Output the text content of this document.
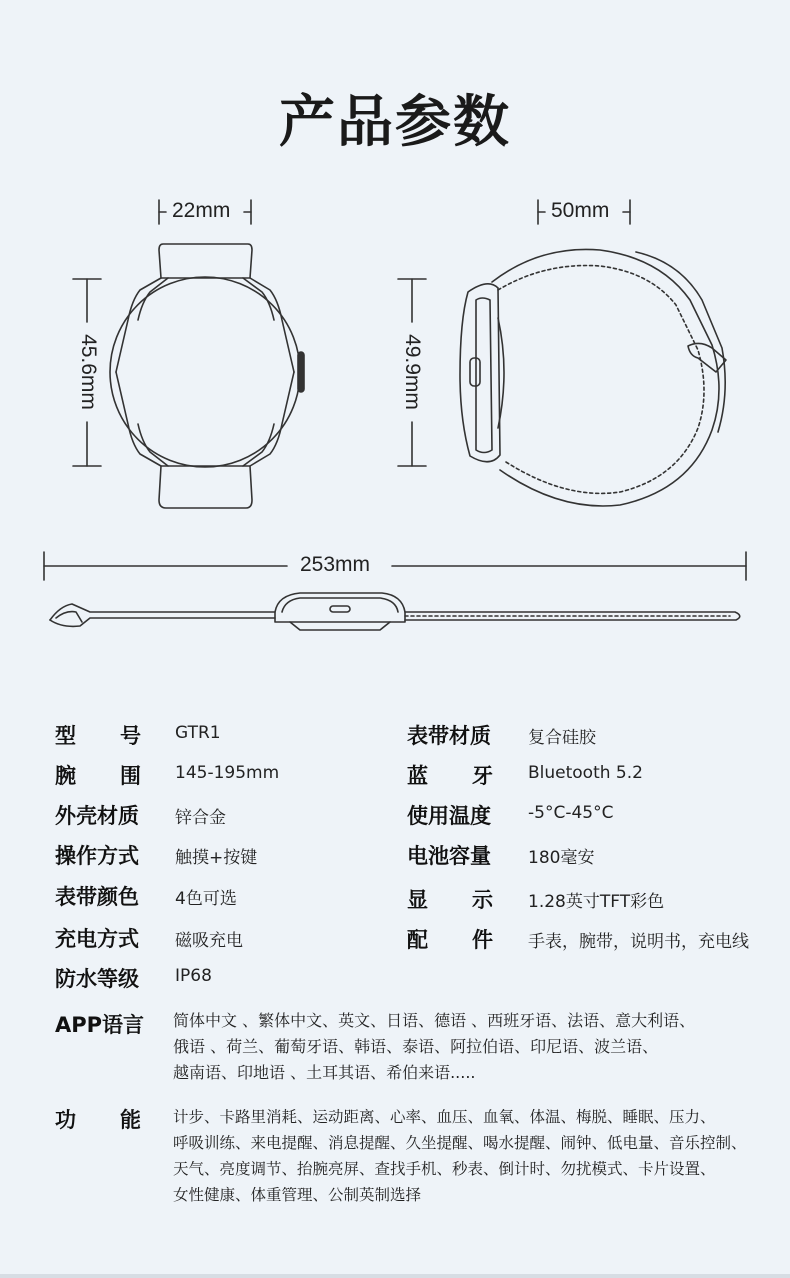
产品参数
22mm	50mm
45.6mm	49.9mm
253mm
型 号 GTR1
腕 围 145-195mm
外壳材质 锌合金
操作方式 触摸+按键
表带颜色 4色可选
充电方式 磁吸充电
防水等级 IP68
表带材质 复合硅胶
蓝 牙 Bluetooth 5.2
使用温度 -5°C-45°C
电池容量 180毫安
显 示 1.28英寸TFT彩色
配 件 手表，腕带，说明书，充电线
APP语言 简体中文 、繁体中文、英文、日语、德语 、西班牙语、法语、意大利语、
俄语 、荷兰、葡萄牙语、韩语、泰语、阿拉伯语、印尼语、波兰语、
越南语、印地语 、土耳其语、希伯来语.....
功 能 计步、卡路里消耗、运动距离、心率、血压、血氧、体温、梅脱、睡眠、压力、
呼吸训练、来电提醒、消息提醒、久坐提醒、喝水提醒、闹钟、低电量、音乐控制、
天气、亮度调节、抬腕亮屏、查找手机、秒表、倒计时、勿扰模式、卡片设置、
女性健康、体重管理、公制英制选择
